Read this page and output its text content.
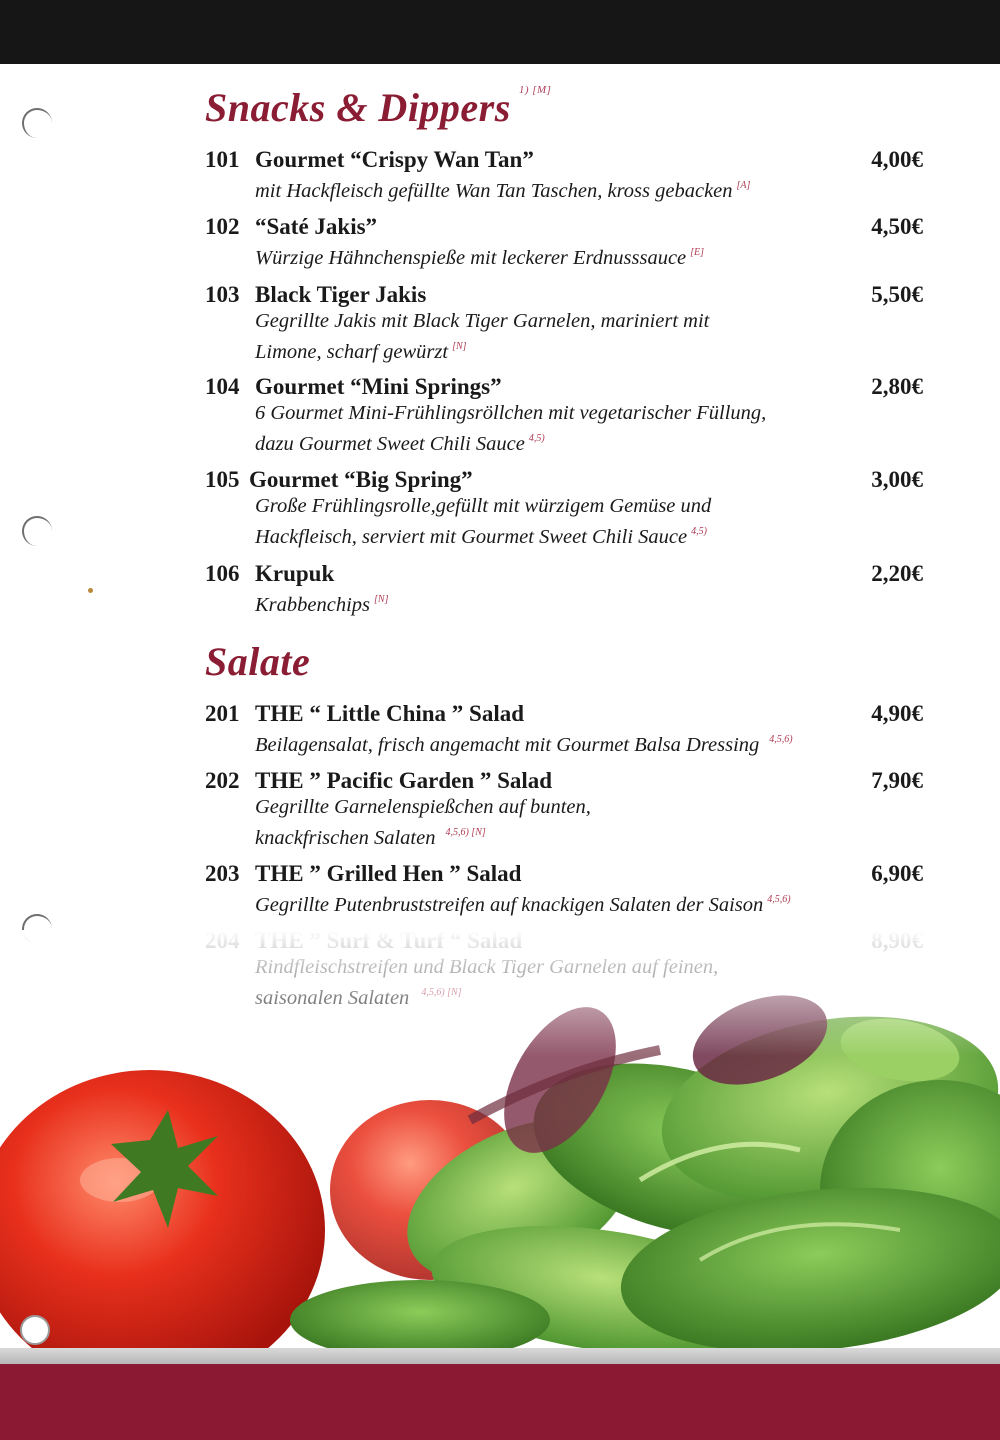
Snacks & Dippers $^{1) [M]}$
101 Gourmet “Crispy Wan Tan”	4,00€
mit Hackfleisch gefüllte Wan Tan Taschen, kross gebacken [A]
102 “Saté Jakis”	4,50€
Würzige Hähnchenspieße mit leckerer Erdnusssauce [E]
103 Black Tiger Jakis	5,50€
Gegrillte Jakis mit Black Tiger Garnelen, mariniert mit
Limone, scharf gewürzt [N]
104 Gourmet “Mini Springs”	2,80€
6 Gourmet Mini-Frühlingsröllchen mit vegetarischer Füllung,
dazu Gourmet Sweet Chili Sauce $^{4,5)}$
105 Gourmet “Big Spring”	3,00€
Große Frühlingsrolle,gefüllt mit würzigem Gemüse und
Hackfleisch, serviert mit Gourmet Sweet Chili Sauce $^{4,5)}$
106 Krupuk	2,20€
Krabbenchips [N]
Salate
201 THE “ Little China ” Salad	4,90€
Beilagensalat, frisch angemacht mit Gourmet Balsa Dressing $^{4,5,6)}$
202 THE ” Pacific Garden ” Salad	7,90€
Gegrillte Garnelenspießchen auf bunten,
knackfrischen Salaten $^{4,5,6) [N]}$
203 THE ” Grilled Hen ” Salad	6,90€
Gegrillte Putenbruststreifen auf knackigen Salaten der Saison $^{4,5,6)}$
